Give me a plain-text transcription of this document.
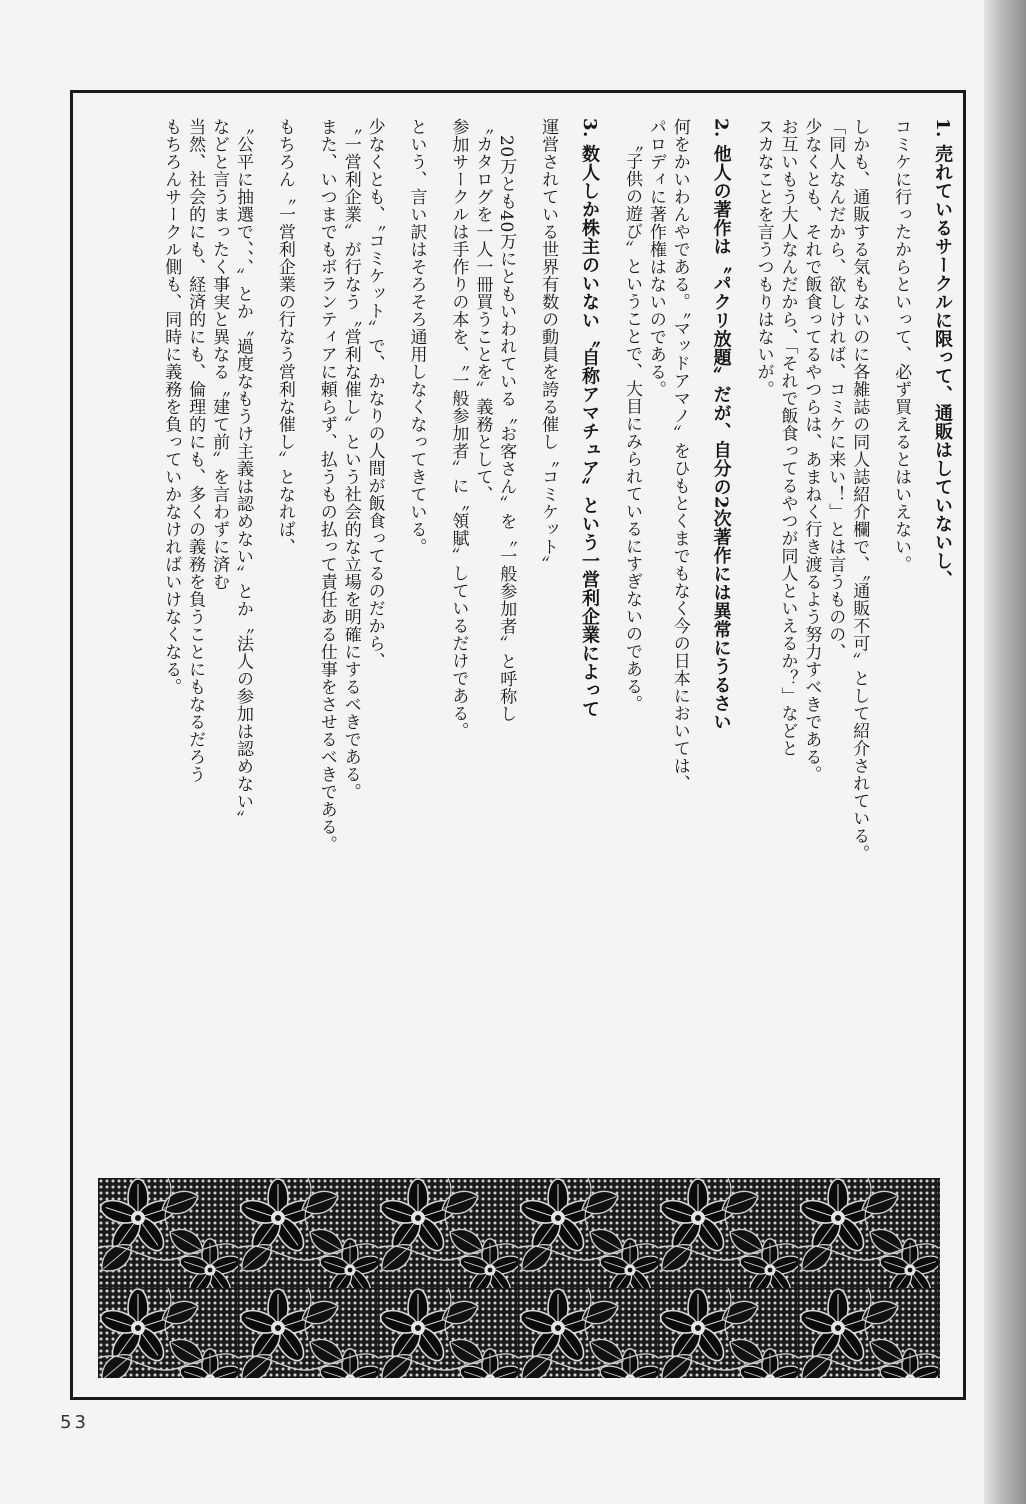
1. 売れているサークルに限って、通販はしていないし、
コミケに行ったからといって、必ず買えるとはいえない。
しかも、通販する気もないのに各雑誌の同人誌紹介欄で、〝通販不可〟として紹介されている。
「同人なんだから、欲しければ、コミケに来い！」とは言うものの、
少なくとも、それで飯食ってるやつらは、あまねく行き渡るよう努力すべきである。
お互いもう大人なんだから、「それで飯食ってるやつが同人といえるか？」などと
スカなことを言うつもりはないが。
2. 他人の著作は〝パクリ放題〟だが、自分の2次著作には異常にうるさい
何をかいわんやである。〝マッドアマノ〟をひもとくまでもなく今の日本においては、
パロディに著作権はないのである。
〝子供の遊び〟ということで、大目にみられているにすぎないのである。
3. 数人しか株主のいない〝自称アマチュア〟という一営利企業によって
運営されている世界有数の動員を誇る催し〝コミケット〟
20万とも40万にともいわれている〝お客さん〟を〝一般参加者〟と呼称し
〝カタログを一人一冊買うことを〟義務として、
参加サークルは手作りの本を、〝一般参加者〟に〝領賦〟しているだけである。
という、言い訳はそろそろ通用しなくなってきている。
少なくとも、〝コミケット〟で、かなりの人間が飯食ってるのだから、
〝一営利企業〟が行なう〝営利な催し〟という社会的な立場を明確にするべきである。
また、いつまでもボランティアに頼らず、払うもの払って責任ある仕事をさせるべきである。
もちろん〝一営利企業の行なう営利な催し〟となれば、
〝公平に抽選で、、、〟とか〝過度なもうけ主義は認めない〟とか〝法人の参加は認めない〟
などと言うまったく事実と異なる〝建て前〟を言わずに済む
当然、社会的にも、経済的にも、倫理的にも、多くの義務を負うことにもなるだろう
もちろんサークル側も、同時に義務を負っていかなければいけなくなる。
53
